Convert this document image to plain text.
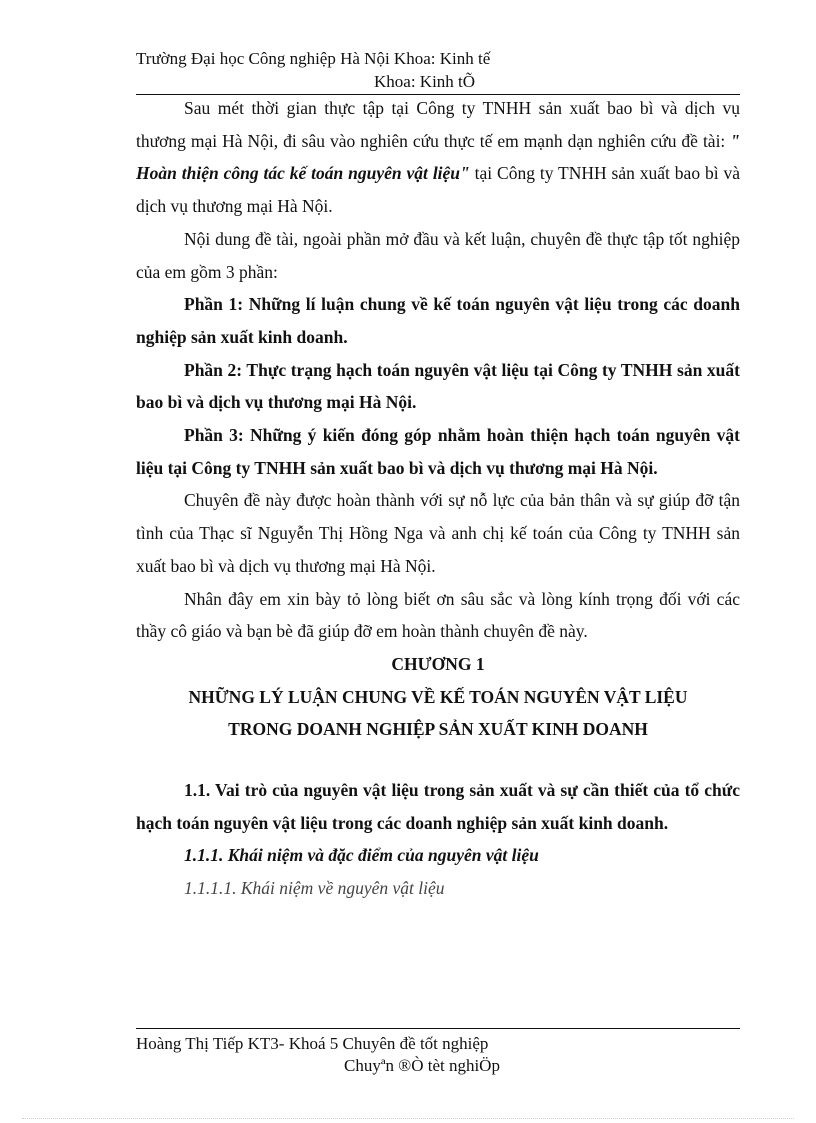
Trường Đại học Công nghiệp Hà Nội Khoa: Kinh tế
Khoa: Kinh tÕ

Sau mét thời gian thực tập tại Công ty TNHH sản xuất bao bì và dịch vụ thương mại Hà Nội, đi sâu vào nghiên cứu thực tế em mạnh dạn nghiên cứu đề tài: " Hoàn thiện công tác kế toán nguyên vật liệu" tại Công ty TNHH sản xuất bao bì và dịch vụ thương mại Hà Nội.

Nội dung đề tài, ngoài phần mở đầu và kết luận, chuyên đề thực tập tốt nghiệp của em gồm 3 phần:

Phần 1: Những lí luận chung về kế toán nguyên vật liệu trong các doanh nghiệp sản xuất kinh doanh.

Phần 2: Thực trạng hạch toán nguyên vật liệu tại Công ty TNHH sản xuất bao bì và dịch vụ thương mại Hà Nội.

Phần 3: Những ý kiến đóng góp nhằm hoàn thiện hạch toán nguyên vật liệu tại Công ty TNHH sản xuất bao bì và dịch vụ thương mại Hà Nội.

Chuyên đề này được hoàn thành với sự nỗ lực của bản thân và sự giúp đỡ tận tình của Thạc sĩ Nguyễn Thị Hồng Nga và anh chị kế toán của Công ty TNHH sản xuất bao bì và dịch vụ thương mại Hà Nội.

Nhân đây em xin bày tỏ lòng biết ơn sâu sắc và lòng kính trọng đối với các thầy cô giáo và bạn bè đã giúp đỡ em hoàn thành chuyên đề này.

CHƯƠNG 1

NHỮNG LÝ LUẬN CHUNG VỀ KẾ TOÁN NGUYÊN VẬT LIỆU

TRONG DOANH NGHIỆP SẢN XUẤT KINH DOANH

1.1. Vai trò của nguyên vật liệu trong sản xuất và sự cần thiết của tổ chức hạch toán nguyên vật liệu trong các doanh nghiệp sản xuất kinh doanh.

1.1.1. Khái niệm và đặc điểm của nguyên vật liệu

1.1.1.1. Khái niệm về nguyên vật liệu

Hoàng Thị Tiếp KT3- Khoá 5 Chuyên đề tốt nghiệp
Chuyªn ®Ò tèt nghiÖp
